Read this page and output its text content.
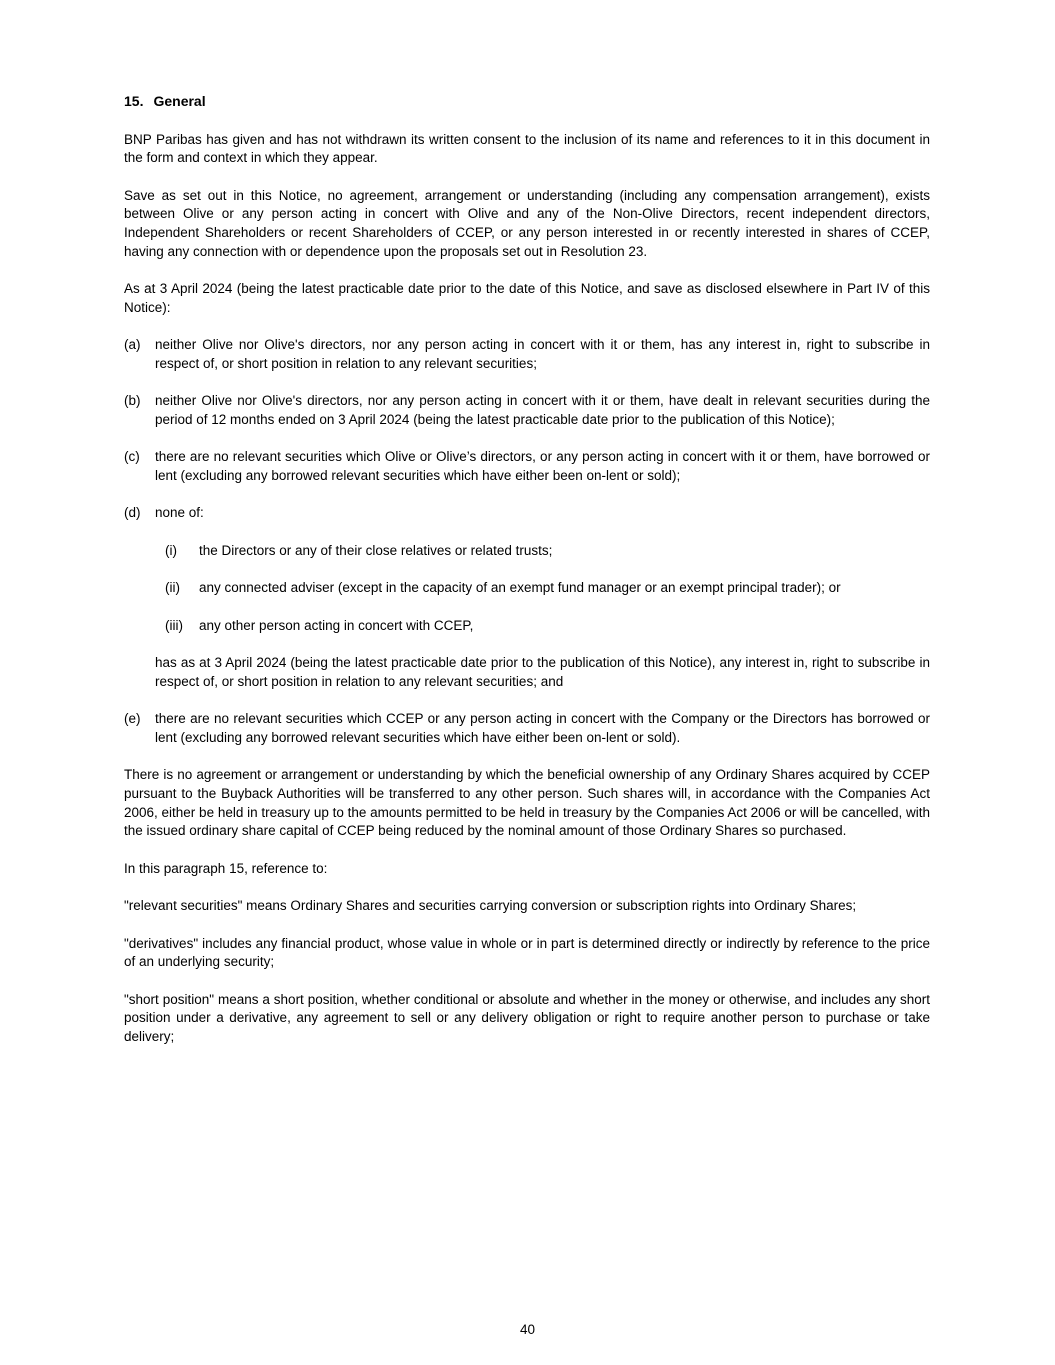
15. General

BNP Paribas has given and has not withdrawn its written consent to the inclusion of its name and references to it in this document in the form and context in which they appear.

Save as set out in this Notice, no agreement, arrangement or understanding (including any compensation arrangement), exists between Olive or any person acting in concert with Olive and any of the Non-Olive Directors, recent independent directors, Independent Shareholders or recent Shareholders of CCEP, or any person interested in or recently interested in shares of CCEP, having any connection with or dependence upon the proposals set out in Resolution 23.

As at 3 April 2024 (being the latest practicable date prior to the date of this Notice, and save as disclosed elsewhere in Part IV of this Notice):

(a) neither Olive nor Olive's directors, nor any person acting in concert with it or them, has any interest in, right to subscribe in respect of, or short position in relation to any relevant securities;
(b) neither Olive nor Olive's directors, nor any person acting in concert with it or them, have dealt in relevant securities during the period of 12 months ended on 3 April 2024 (being the latest practicable date prior to the publication of this Notice);
(c) there are no relevant securities which Olive or Olive’s directors, or any person acting in concert with it or them, have borrowed or lent (excluding any borrowed relevant securities which have either been on-lent or sold);
(d) none of:
(i) the Directors or any of their close relatives or related trusts;
(ii) any connected adviser (except in the capacity of an exempt fund manager or an exempt principal trader); or
(iii) any other person acting in concert with CCEP,

has as at 3 April 2024 (being the latest practicable date prior to the publication of this Notice), any interest in, right to subscribe in respect of, or short position in relation to any relevant securities; and

(e) there are no relevant securities which CCEP or any person acting in concert with the Company or the Directors has borrowed or lent (excluding any borrowed relevant securities which have either been on-lent or sold).

There is no agreement or arrangement or understanding by which the beneficial ownership of any Ordinary Shares acquired by CCEP pursuant to the Buyback Authorities will be transferred to any other person. Such shares will, in accordance with the Companies Act 2006, either be held in treasury up to the amounts permitted to be held in treasury by the Companies Act 2006 or will be cancelled, with the issued ordinary share capital of CCEP being reduced by the nominal amount of those Ordinary Shares so purchased.

In this paragraph 15, reference to:

"relevant securities" means Ordinary Shares and securities carrying conversion or subscription rights into Ordinary Shares;

"derivatives" includes any financial product, whose value in whole or in part is determined directly or indirectly by reference to the price of an underlying security;

"short position" means a short position, whether conditional or absolute and whether in the money or otherwise, and includes any short position under a derivative, any agreement to sell or any delivery obligation or right to require another person to purchase or take delivery;

40
